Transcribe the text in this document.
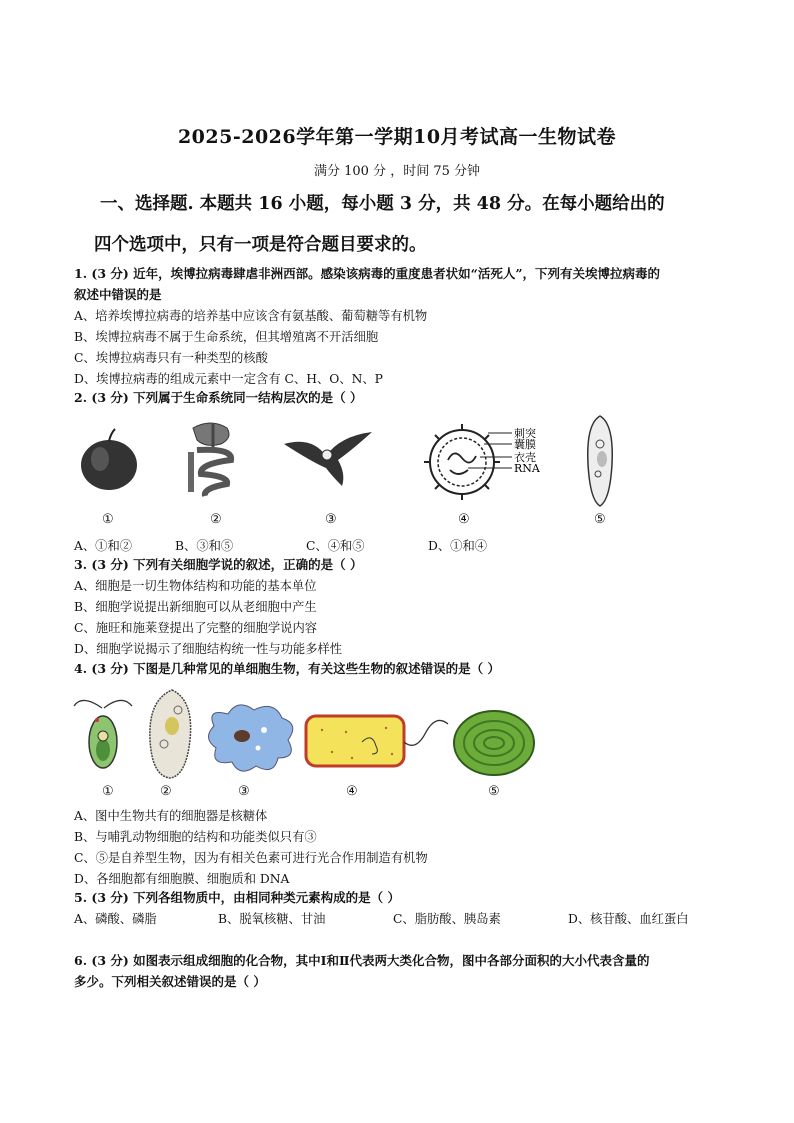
2025-2026学年第一学期10月考试高一生物试卷
满分 100 分 ，时间 75 分钟
一、选择题. 本题共 16 小题，每小题 3 分，共 48 分。在每小题给出的
四个选项中，只有一项是符合题目要求的。
1. (3 分) 近年，埃博拉病毒肆虐非洲西部。感染该病毒的重度患者状如“活死人”，下列有关埃博拉病毒的
叙述中错误的是
A、培养埃博拉病毒的培养基中应该含有氨基酸、葡萄糖等有机物
B、埃博拉病毒不属于生命系统，但其增殖离不开活细胞
C、埃博拉病毒只有一种类型的核酸
D、埃博拉病毒的组成元素中一定含有 C、H、O、N、P
2. (3 分) 下列属于生命系统同一结构层次的是（ ）
刺突
囊膜
衣壳
RNA
①	②	③	④	⑤
A、①和②	B、③和⑤	C、④和⑤	D、①和④
3. (3 分) 下列有关细胞学说的叙述，正确的是（ ）
A、细胞是一切生物体结构和功能的基本单位
B、细胞学说提出新细胞可以从老细胞中产生
C、施旺和施莱登提出了完整的细胞学说内容
D、细胞学说揭示了细胞结构统一性与功能多样性
4. (3 分) 下图是几种常见的单细胞生物，有关这些生物的叙述错误的是（ ）
①	②	③	④	⑤
A、图中生物共有的细胞器是核糖体
B、与哺乳动物细胞的结构和功能类似只有③
C、⑤是自养型生物，因为有相关色素可进行光合作用制造有机物
D、各细胞都有细胞膜、细胞质和 DNA
5. (3 分) 下列各组物质中，由相同种类元素构成的是（ ）
A、磷酸、磷脂	B、脱氧核糖、甘油	C、脂肪酸、胰岛素	D、核苷酸、血红蛋白
6. (3 分) 如图表示组成细胞的化合物，其中Ⅰ和Ⅱ代表两大类化合物，图中各部分面积的大小代表含量的
多少。下列相关叙述错误的是（ ）
